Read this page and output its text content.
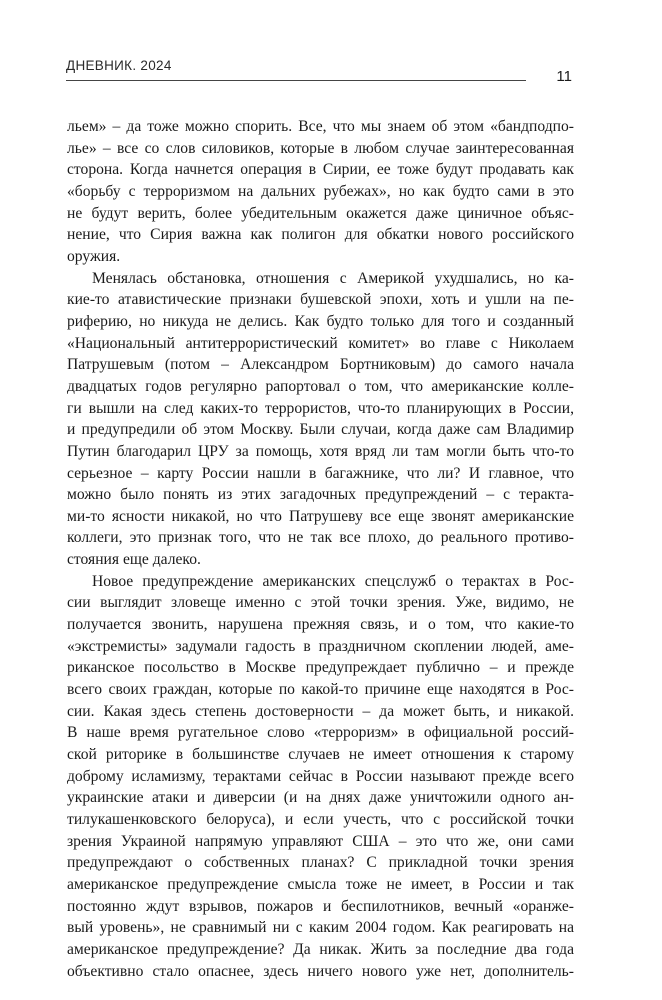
ДНЕВНИК. 2024
11
льем» – да тоже можно спорить. Все, что мы знаем об этом «бандподпо-
лье» – все со слов силовиков, которые в любом случае заинтересованная
сторона. Когда начнется операция в Сирии, ее тоже будут продавать как
«борьбу с терроризмом на дальних рубежах», но как будто сами в это
не будут верить, более убедительным окажется даже циничное объяс-
нение, что Сирия важна как полигон для обкатки нового российского
оружия.
Менялась обстановка, отношения с Америкой ухудшались, но ка-
кие-то атавистические признаки бушевской эпохи, хоть и ушли на пе-
риферию, но никуда не делись. Как будто только для того и созданный
«Национальный антитеррористический комитет» во главе с Николаем
Патрушевым (потом – Александром Бортниковым) до самого начала
двадцатых годов регулярно рапортовал о том, что американские колле-
ги вышли на след каких-то террористов, что-то планирующих в России,
и предупредили об этом Москву. Были случаи, когда даже сам Владимир
Путин благодарил ЦРУ за помощь, хотя вряд ли там могли быть что-то
серьезное – карту России нашли в багажнике, что ли? И главное, что
можно было понять из этих загадочных предупреждений – с теракта-
ми-то ясности никакой, но что Патрушеву все еще звонят американские
коллеги, это признак того, что не так все плохо, до реального противо-
стояния еще далеко.
Новое предупреждение американских спецслужб о терактах в Рос-
сии выглядит зловеще именно с этой точки зрения. Уже, видимо, не
получается звонить, нарушена прежняя связь, и о том, что какие-то
«экстремисты» задумали гадость в праздничном скоплении людей, аме-
риканское посольство в Москве предупреждает публично – и прежде
всего своих граждан, которые по какой-то причине еще находятся в Рос-
сии. Какая здесь степень достоверности – да может быть, и никакой.
В наше время ругательное слово «терроризм» в официальной россий-
ской риторике в большинстве случаев не имеет отношения к старому
доброму исламизму, терактами сейчас в России называют прежде всего
украинские атаки и диверсии (и на днях даже уничтожили одного ан-
тилукашенковского белоруса), и если учесть, что с российской точки
зрения Украиной напрямую управляют США – это что же, они сами
предупреждают о собственных планах? С прикладной точки зрения
американское предупреждение смысла тоже не имеет, в России и так
постоянно ждут взрывов, пожаров и беспилотников, вечный «оранже-
вый уровень», не сравнимый ни с каким 2004 годом. Как реагировать на
американское предупреждение? Да никак. Жить за последние два года
объективно стало опаснее, здесь ничего нового уже нет, дополнитель-
